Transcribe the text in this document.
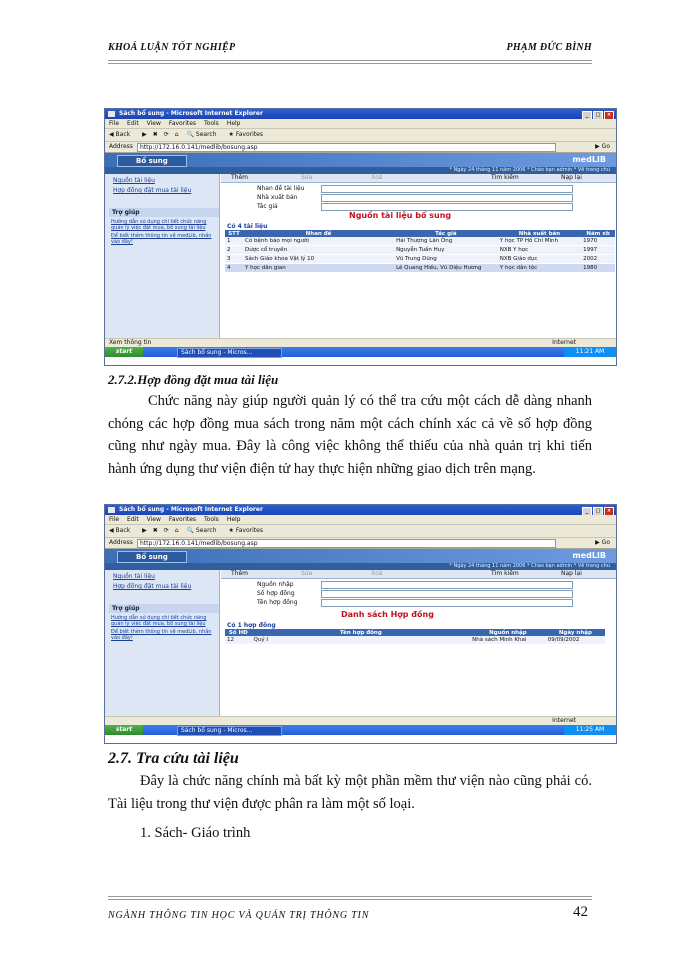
KHOÁ LUẬN TỐT NGHIỆP	PHẠM ĐỨC BÌNH
Sách bổ sung - Microsoft Internet Explorer	_ □ ×
File Edit View Favorites Tools Help
◀ Back ▶ ✖ ⟳ ⌂ 🔍 Search ★ Favorites
Address	http://172.16.0.141/medlib/bosung.asp	▶ Go
Bổ sung	medLIB
* Ngày 24 tháng 11 năm 2006 * Chào bạn admin * Về trang chủ
Nguồn tài liệu
Hợp đồng đặt mua tài liệu
Trợ giúp
Hướng dẫn sử dụng chi tiết chức năng quản lý việc đặt mua, bổ sung tài liệu
Để biết thêm thông tin về medLib, nhấn vào đây!
Thêm	Sửa	Xoá	Tìm kiếm	Nạp lại
Nhan đề tài liệu
Nhà xuất bản
Tác giả
Nguồn tài liệu bổ sung
Có 4 tài liệu
STT	Nhan đề	Tác giả	Nhà xuất bản	Năm xb
1	Cỏ bệnh báo mọi người	Hải Thượng Lãn Ông	Y học TP Hồ Chí Minh	1970
2	Dược cổ truyền	Nguyễn Tuấn Huy	NXB Y học	1997
3	Sách Giáo khoa Vật lý 10	Vũ Trung Dũng	NXB Giáo dục	2002
4	Y học dân gian	Lê Quang Hiếu, Vũ Diệu Hương	Y học dân tộc	1980
Xem thông tin	Internet
start	Sách bổ sung - Micros...	11:21 AM
2.7.2.Hợp đồng đặt mua tài liệu
Chức năng này giúp người quản lý có thể tra cứu một cách dễ dàng nhanh chóng các hợp đồng mua sách trong năm một cách chính xác cả về số hợp đồng cũng như ngày mua. Đây là công việc không thể thiếu của nhà quản trị khi tiến hành ứng dụng thư viện điện tử hay thực hiện những giao dịch trên mạng.
Sách bổ sung - Microsoft Internet Explorer	_ □ ×
File Edit View Favorites Tools Help
◀ Back ▶ ✖ ⟳ ⌂ 🔍 Search ★ Favorites
Address	http://172.16.0.141/medlib/bosung.asp	▶ Go
Bổ sung	medLIB
* Ngày 24 tháng 11 năm 2006 * Chào bạn admin * Về trang chủ
Nguồn tài liệu
Hợp đồng đặt mua tài liệu
Trợ giúp
Hướng dẫn sử dụng chi tiết chức năng quản lý việc đặt mua, bổ sung tài liệu
Để biết thêm thông tin về medLib, nhấn vào đây!
Thêm	Sửa	Xoá	Tìm kiếm	Nạp lại
Nguồn nhập
Số hợp đồng
Tên hợp đồng
Danh sách Hợp đồng
Có 1 hợp đồng
Số HĐ	Tên hợp đồng	Nguồn nhập	Ngày nhập
12	Quý I	Nhà sách Minh Khai	09/09/2002
Internet
start	Sách bổ sung - Micros...	11:25 AM
2.7. Tra cứu tài liệu
Đây là chức năng chính mà bất kỳ một phần mềm thư viện nào cũng phải có. Tài liệu trong thư viện được phân ra làm một số loại.
1. Sách- Giáo trình
NGÀNH THÔNG TIN HỌC VÀ QUẢN TRỊ THÔNG TIN	42
